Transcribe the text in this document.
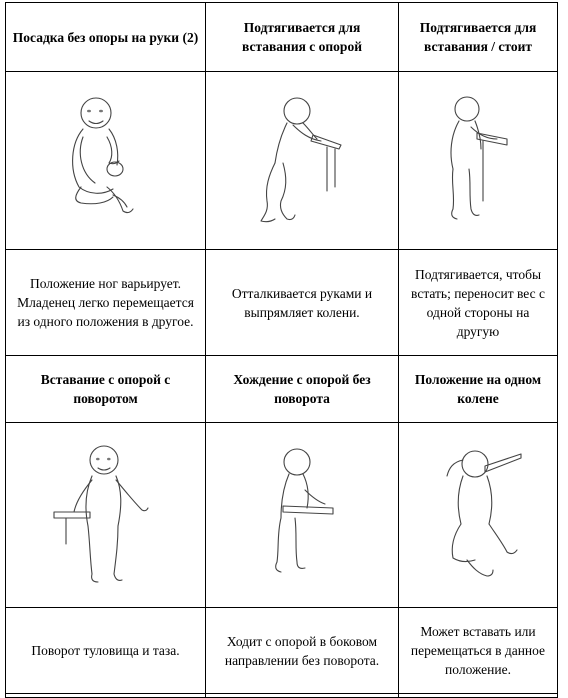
Посадка без опоры на руки (2)	Подтягивается для вставания с опорой	Подтягивается для вставания / стоит

Положение ног варьирует. Младенец легко перемещается из одного положения в другое.	Отталкивается руками и выпрямляет колени.	Подтягивается, чтобы встать; переносит вес с одной стороны на другую
Вставание с опорой с поворотом	Хождение с опорой без поворота	Положение на одном колене

Поворот туловища и таза.	Ходит с опорой в боковом направлении без поворота.	Может вставать или перемещаться в данное положение.
